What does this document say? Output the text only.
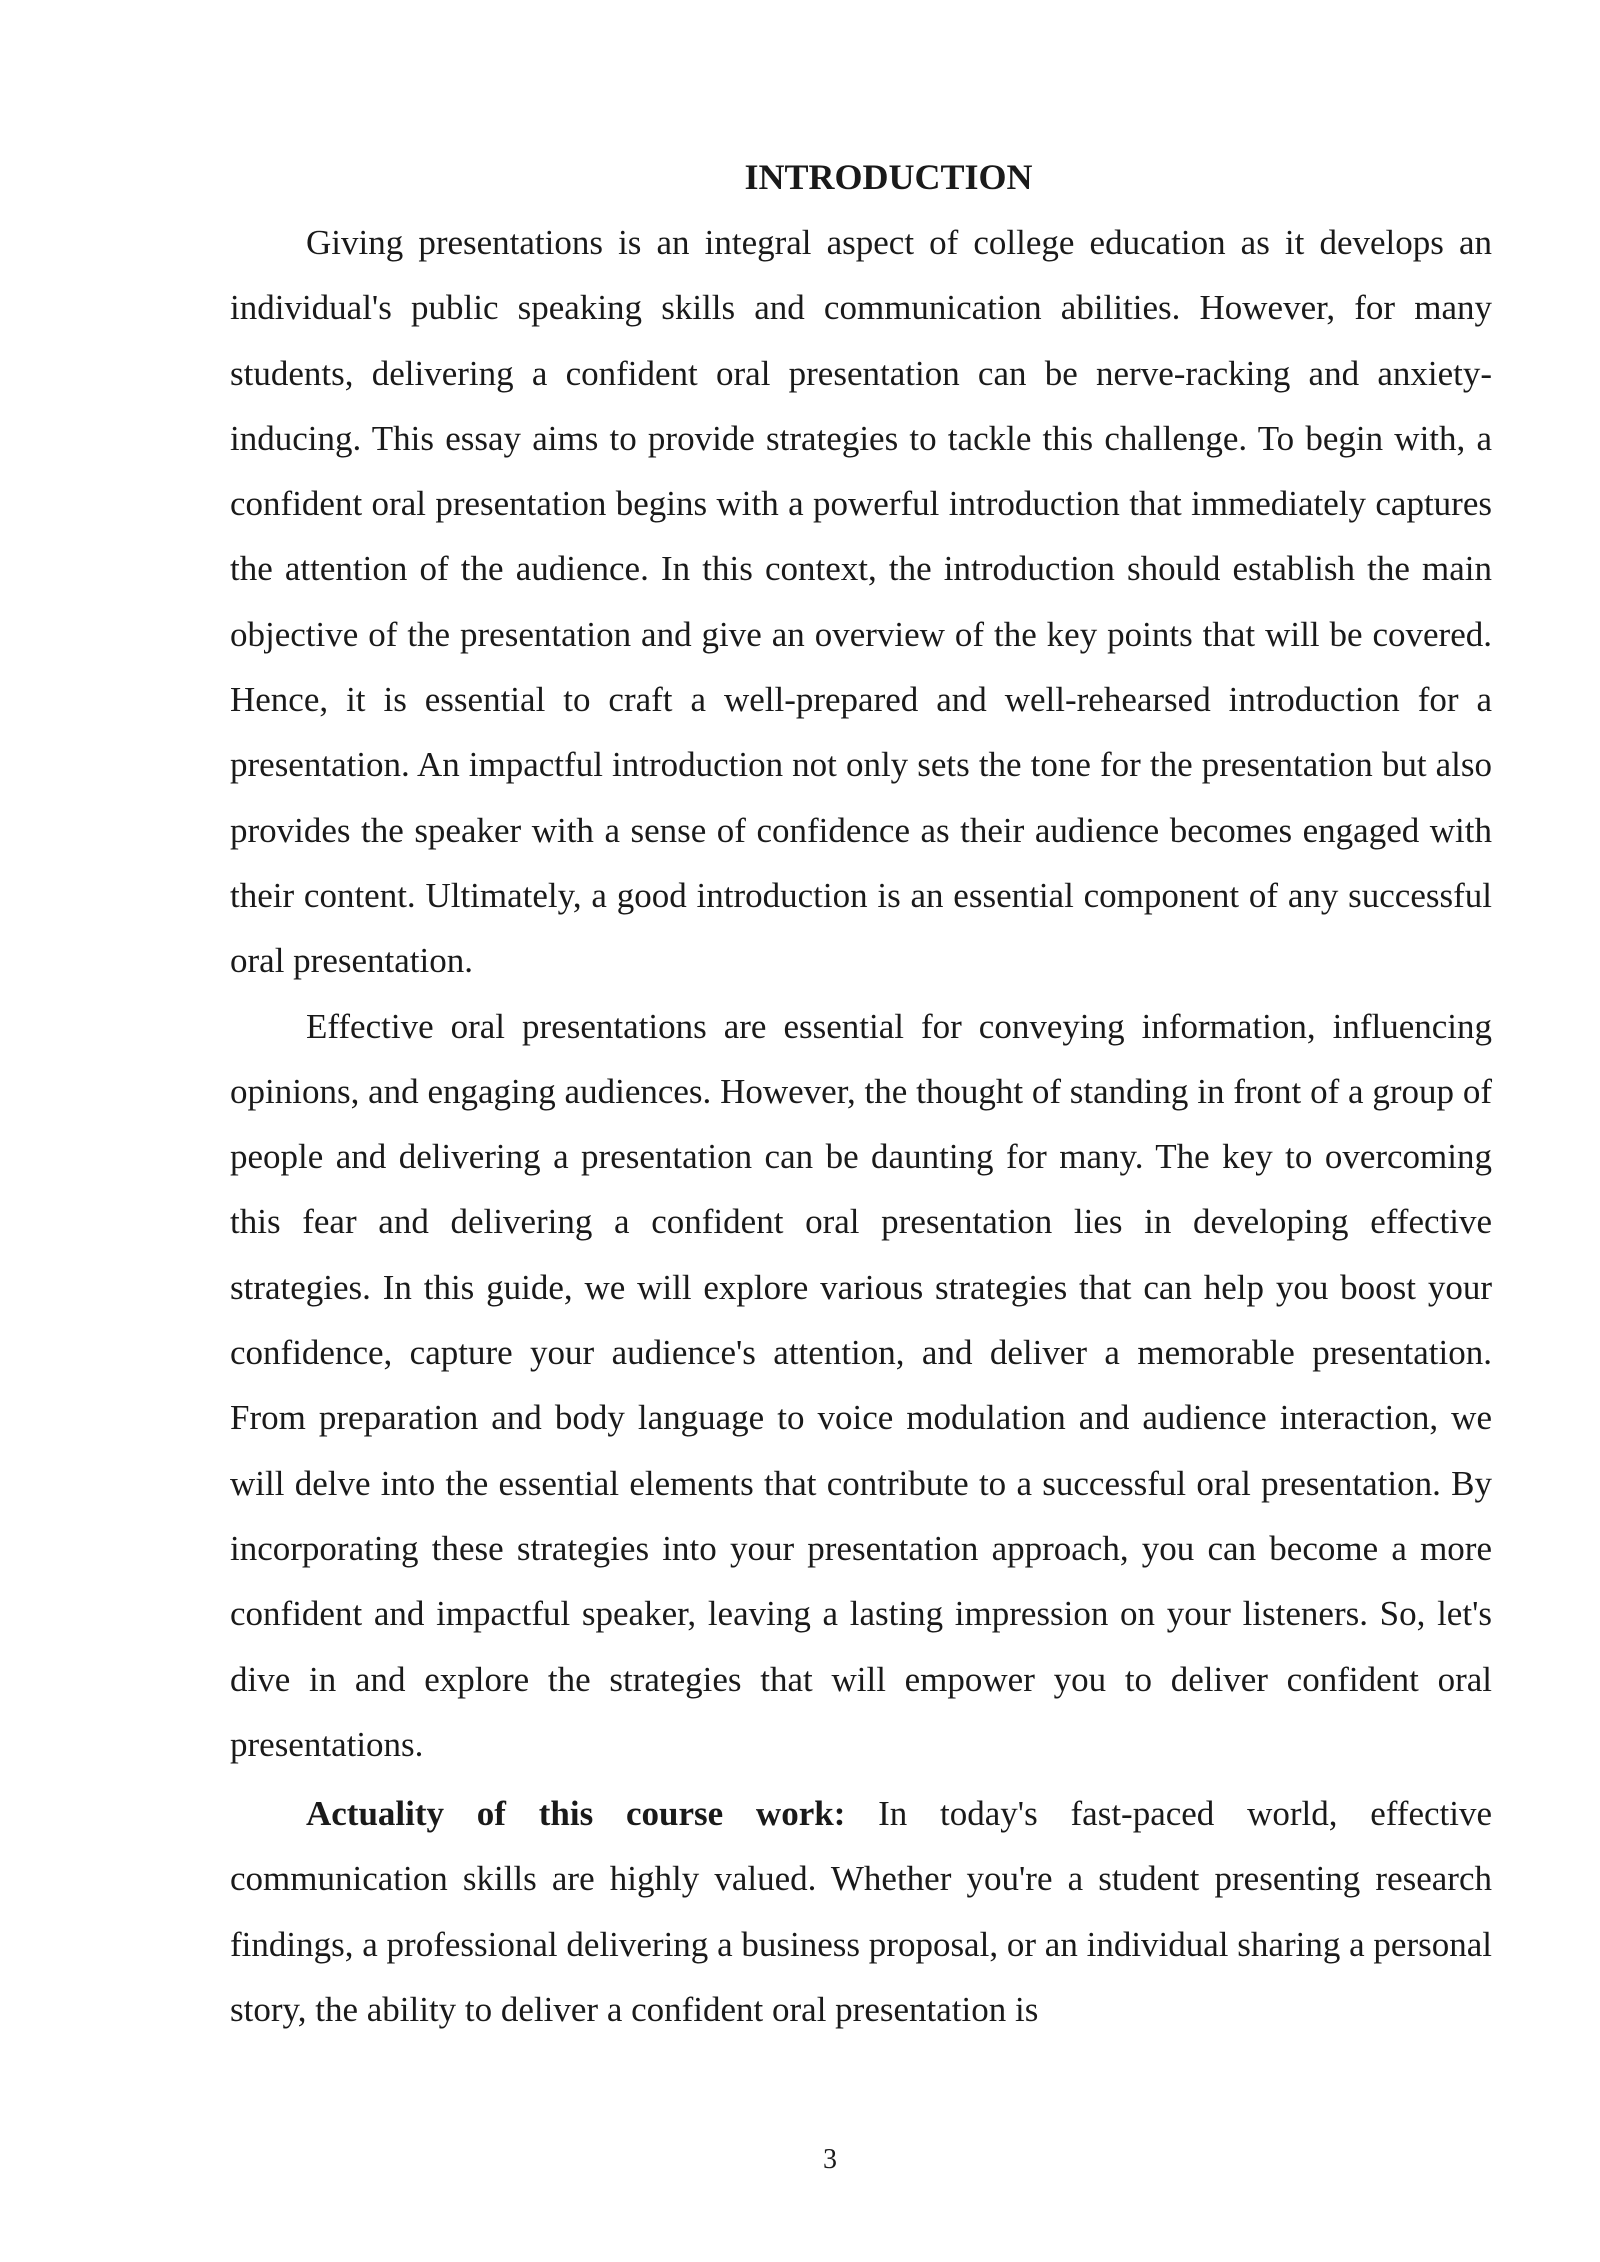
INTRODUCTION

Giving presentations is an integral aspect of college education as it develops an individual's public speaking skills and communication abilities. However, for many students, delivering a confident oral presentation can be nerve-racking and anxiety-inducing. This essay aims to provide strategies to tackle this challenge. To begin with, a confident oral presentation begins with a powerful introduction that immediately captures the attention of the audience. In this context, the introduction should establish the main objective of the presentation and give an overview of the key points that will be covered. Hence, it is essential to craft a well-prepared and well-rehearsed introduction for a presentation. An impactful introduction not only sets the tone for the presentation but also provides the speaker with a sense of confidence as their audience becomes engaged with their content. Ultimately, a good introduction is an essential component of any successful oral presentation.

Effective oral presentations are essential for conveying information, influencing opinions, and engaging audiences. However, the thought of standing in front of a group of people and delivering a presentation can be daunting for many. The key to overcoming this fear and delivering a confident oral presentation lies in developing effective strategies. In this guide, we will explore various strategies that can help you boost your confidence, capture your audience's attention, and deliver a memorable presentation. From preparation and body language to voice modulation and audience interaction, we will delve into the essential elements that contribute to a successful oral presentation. By incorporating these strategies into your presentation approach, you can become a more confident and impactful speaker, leaving a lasting impression on your listeners. So, let's dive in and explore the strategies that will empower you to deliver confident oral presentations.

Actuality of this course work: In today's fast-paced world, effective communication skills are highly valued. Whether you're a student presenting research findings, a professional delivering a business proposal, or an individual sharing a personal story, the ability to deliver a confident oral presentation is

3
